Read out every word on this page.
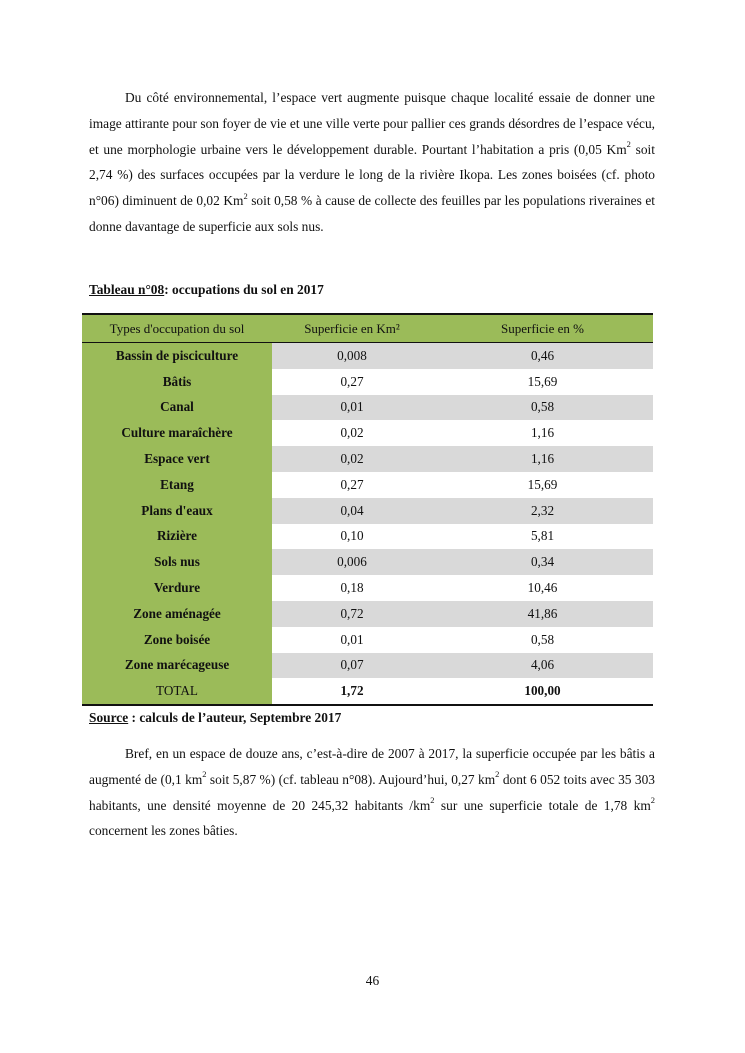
Du côté environnemental, l’espace vert augmente puisque chaque localité essaie de donner une image attirante pour son foyer de vie et une ville verte pour pallier ces grands désordres de l’espace vécu, et une morphologie urbaine vers le développement durable. Pourtant l’habitation a pris (0,05 Km$^2$ soit 2,74 %) des surfaces occupées par la verdure le long de la rivière Ikopa. Les zones boisées (cf. photo n°06) diminuent de 0,02 Km$^2$ soit 0,58 % à cause de collecte des feuilles par les populations riveraines et donne davantage de superficie aux sols nus.

Tableau n°08: occupations du sol en 2017

Types d'occupation du sol	Superficie en Km²	Superficie en %
Bassin de pisciculture	0,008	0,46
Bâtis	0,27	15,69
Canal	0,01	0,58
Culture maraîchère	0,02	1,16
Espace vert	0,02	1,16
Etang	0,27	15,69
Plans d'eaux	0,04	2,32
Rizière	0,10	5,81
Sols nus	0,006	0,34
Verdure	0,18	10,46
Zone aménagée	0,72	41,86
Zone boisée	0,01	0,58
Zone marécageuse	0,07	4,06
TOTAL	1,72	100,00

Source : calculs de l’auteur, Septembre 2017

Bref, en un espace de douze ans, c’est-à-dire de 2007 à 2017, la superficie occupée par les bâtis a augmenté de (0,1 $km^2$ soit 5,87 %) (cf. tableau n°08). Aujourd’hui, 0,27 $km^2$ dont 6 052 toits avec 35 303 habitants, une densité moyenne de 20 245,32 habitants $/km^2$ sur une superficie totale de 1,78 $km^2$ concernent les zones bâties.

46
